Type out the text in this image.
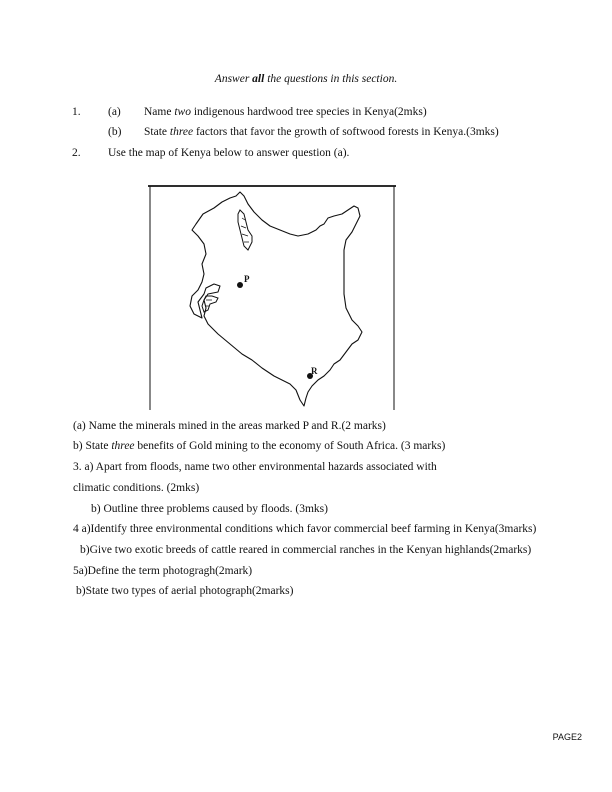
Answer all the questions in this section.
1. (a) Name two indigenous hardwood tree species in Kenya(2mks)
(b) State three factors that favor the growth of softwood forests in Kenya.(3mks)
2. Use the map of Kenya below to answer question (a).
P
R
(a) Name the minerals mined in the areas marked P and R.(2 marks)
b) State three benefits of Gold mining to the economy of South Africa. (3 marks)
3. a) Apart from floods, name two other environmental hazards associated with
climatic conditions. (2mks)
b) Outline three problems caused by floods. (3mks)
4 a)Identify three environmental conditions which favor commercial beef farming in Kenya(3marks)
b)Give two exotic breeds of cattle reared in commercial ranches in the Kenyan highlands(2marks)
5a)Define the term photogragh(2mark)
b)State two types of aerial photograph(2marks)
PAGE2
